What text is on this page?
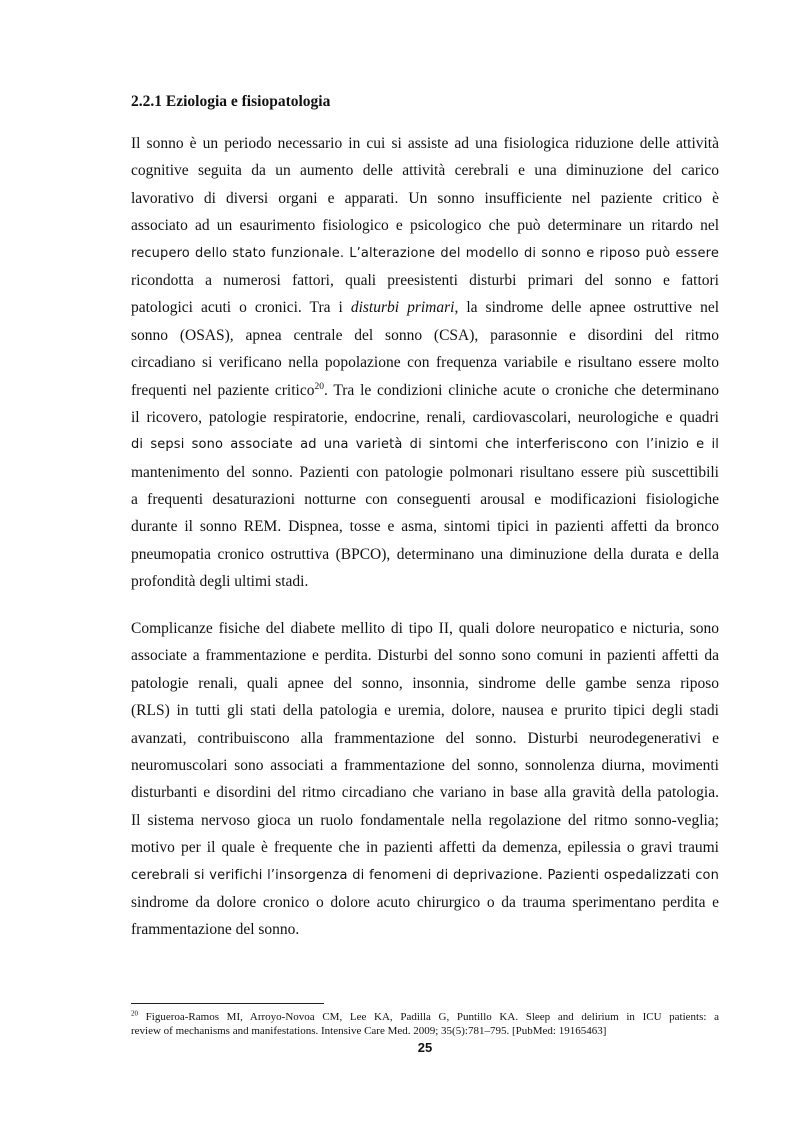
2.2.1 Eziologia e fisiopatologia
Il sonno è un periodo necessario in cui si assiste ad una fisiologica riduzione delle attività
cognitive seguita da un aumento delle attività cerebrali e una diminuzione del carico
lavorativo di diversi organi e apparati. Un sonno insufficiente nel paziente critico è
associato ad un esaurimento fisiologico e psicologico che può determinare un ritardo nel
recupero dello stato funzionale. L’alterazione del modello di sonno e riposo può essere
ricondotta a numerosi fattori, quali preesistenti disturbi primari del sonno e fattori
patologici acuti o cronici. Tra i disturbi primari, la sindrome delle apnee ostruttive nel
sonno (OSAS), apnea centrale del sonno (CSA), parasonnie e disordini del ritmo
circadiano si verificano nella popolazione con frequenza variabile e risultano essere molto
frequenti nel paziente critico$^{20}$. Tra le condizioni cliniche acute o croniche che determinano
il ricovero, patologie respiratorie, endocrine, renali, cardiovascolari, neurologiche e quadri
di sepsi sono associate ad una varietà di sintomi che interferiscono con l’inizio e il
mantenimento del sonno. Pazienti con patologie polmonari risultano essere più suscettibili
a frequenti desaturazioni notturne con conseguenti arousal e modificazioni fisiologiche
durante il sonno REM. Dispnea, tosse e asma, sintomi tipici in pazienti affetti da bronco
pneumopatia cronico ostruttiva (BPCO), determinano una diminuzione della durata e della
profondità degli ultimi stadi.
Complicanze fisiche del diabete mellito di tipo II, quali dolore neuropatico e nicturia, sono
associate a frammentazione e perdita. Disturbi del sonno sono comuni in pazienti affetti da
patologie renali, quali apnee del sonno, insonnia, sindrome delle gambe senza riposo
(RLS) in tutti gli stati della patologia e uremia, dolore, nausea e prurito tipici degli stadi
avanzati, contribuiscono alla frammentazione del sonno. Disturbi neurodegenerativi e
neuromuscolari sono associati a frammentazione del sonno, sonnolenza diurna, movimenti
disturbanti e disordini del ritmo circadiano che variano in base alla gravità della patologia.
Il sistema nervoso gioca un ruolo fondamentale nella regolazione del ritmo sonno-veglia;
motivo per il quale è frequente che in pazienti affetti da demenza, epilessia o gravi traumi
cerebrali si verifichi l’insorgenza di fenomeni di deprivazione. Pazienti ospedalizzati con
sindrome da dolore cronico o dolore acuto chirurgico o da trauma sperimentano perdita e
frammentazione del sonno.
$^{20}$ Figueroa-Ramos MI, Arroyo-Novoa CM, Lee KA, Padilla G, Puntillo KA. Sleep and delirium in ICU patients: a
review of mechanisms and manifestations. Intensive Care Med. 2009; 35(5):781–795. [PubMed: 19165463]
25
